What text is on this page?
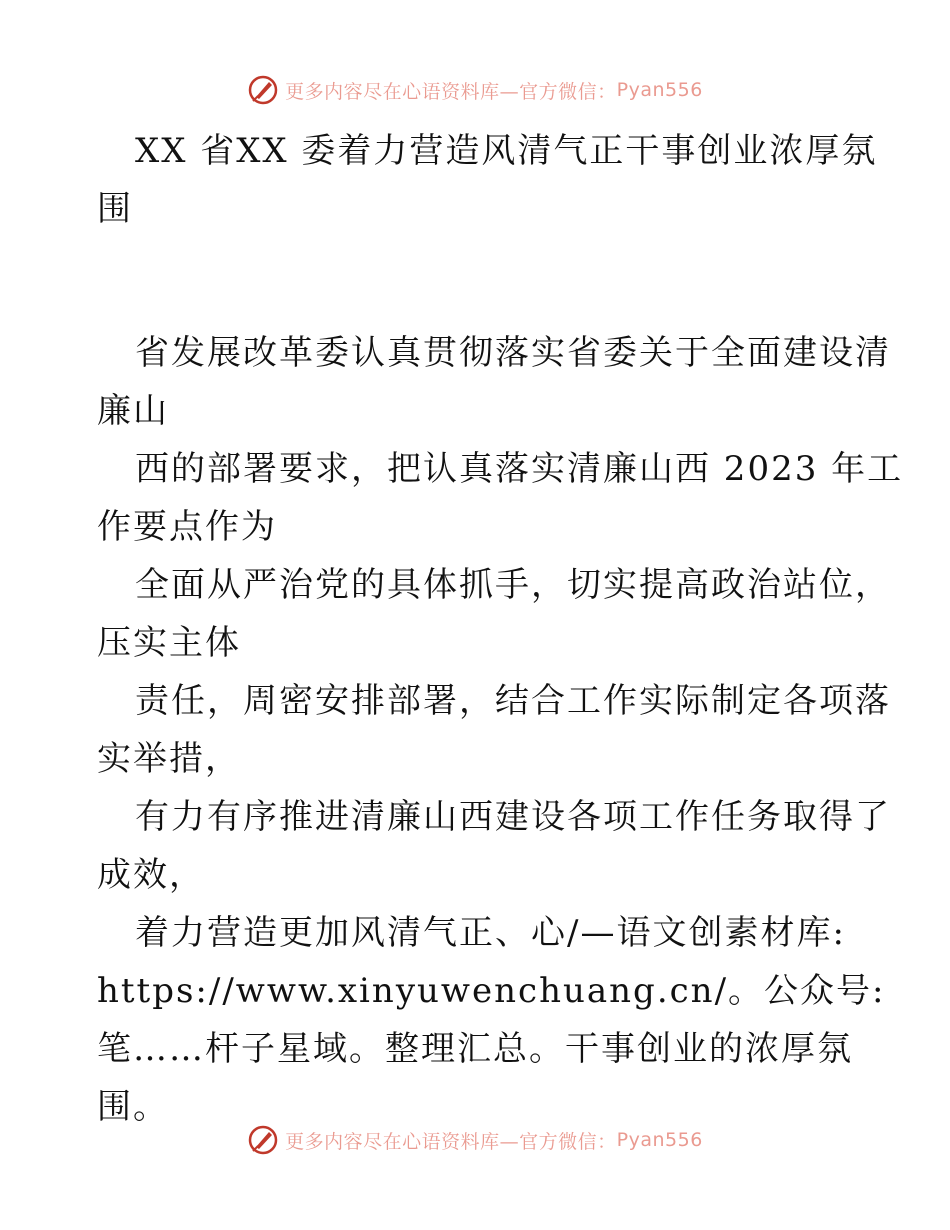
更多内容尽在心语资料库—官方微信： Pyan556
XX 省XX 委着力营造风清气正干事创业浓厚氛
围
省发展改革委认真贯彻落实省委关于全面建设清
廉山
西的部署要求，把认真落实清廉山西 2023 年工
作要点作为
全面从严治党的具体抓手，切实提高政治站位，
压实主体
责任，周密安排部署，结合工作实际制定各项落
实举措，
有力有序推进清廉山西建设各项工作任务取得了
成效，
着力营造更加风清气正、心/—语文创素材库:
https://www.xinyuwenchuang.cn/。公众号:
笔……杆子星域。整理汇总。干事创业的浓厚氛
围。
更多内容尽在心语资料库—官方微信： Pyan556
